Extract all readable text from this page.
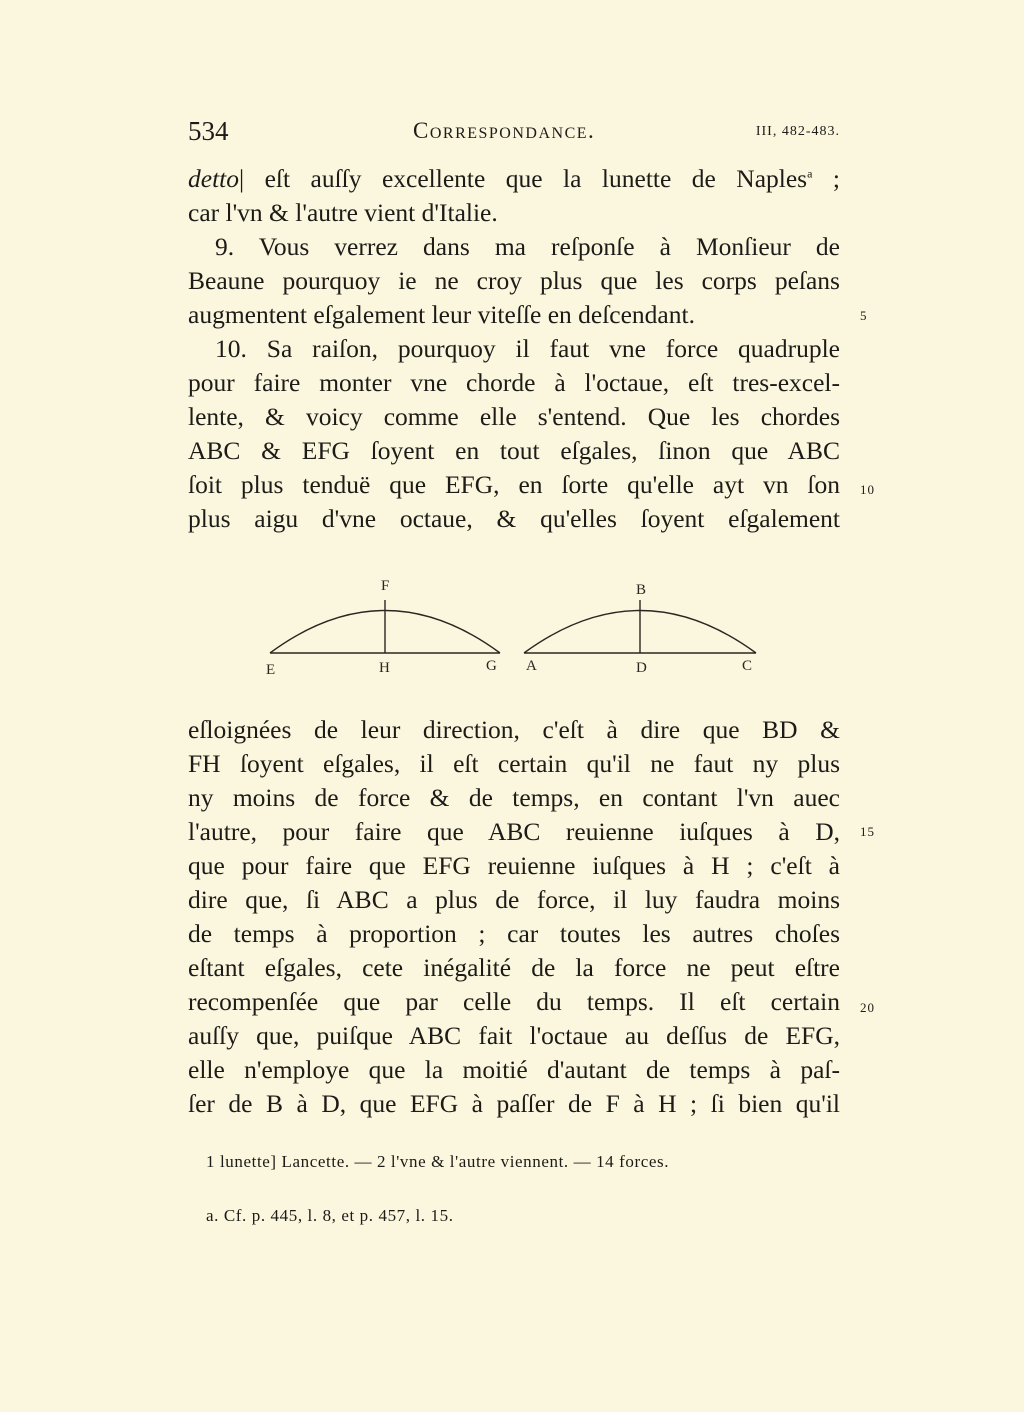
534	Correspondance.	III, 482-483.
detto| eſt auſſy excellente que la lunette de Naples$^a$ ;
car l'vn & l'autre vient d'Italie.
9. Vous verrez dans ma reſponſe à Monſieur de
Beaune pourquoy ie ne croy plus que les corps peſans
augmentent eſgalement leur viteſſe en deſcendant.
10. Sa raiſon, pourquoy il faut vne force quadruple
pour faire monter vne chorde à l'octaue, eſt tres-excel-
lente, & voicy comme elle s'entend. Que les chordes
ABC & EFG ſoyent en tout eſgales, ſinon que ABC
ſoit plus tenduë que EFG, en ſorte qu'elle ayt vn ſon
plus aigu d'vne octaue, & qu'elles ſoyent eſgalement
F
E	H	G
B
A	D	C
eſloignées de leur direction, c'eſt à dire que BD &
FH ſoyent eſgales, il eſt certain qu'il ne faut ny plus
ny moins de force & de temps, en contant l'vn auec
l'autre, pour faire que ABC reuienne iuſques à D,
que pour faire que EFG reuienne iuſques à H ; c'eſt à
dire que, ſi ABC a plus de force, il luy faudra moins
de temps à proportion ; car toutes les autres choſes
eſtant eſgales, cete inégalité de la force ne peut eſtre
recompenſée que par celle du temps. Il eſt certain
auſſy que, puiſque ABC fait l'octaue au deſſus de EFG,
elle n'employe que la moitié d'autant de temps à paſ-
ſer de B à D, que EFG à paſſer de F à H ; ſi bien qu'il
5
10
15
20
1 lunette] Lancette. — 2 l'vne & l'autre viennent. — 14 forces.
a. Cf. p. 445, l. 8, et p. 457, l. 15.
